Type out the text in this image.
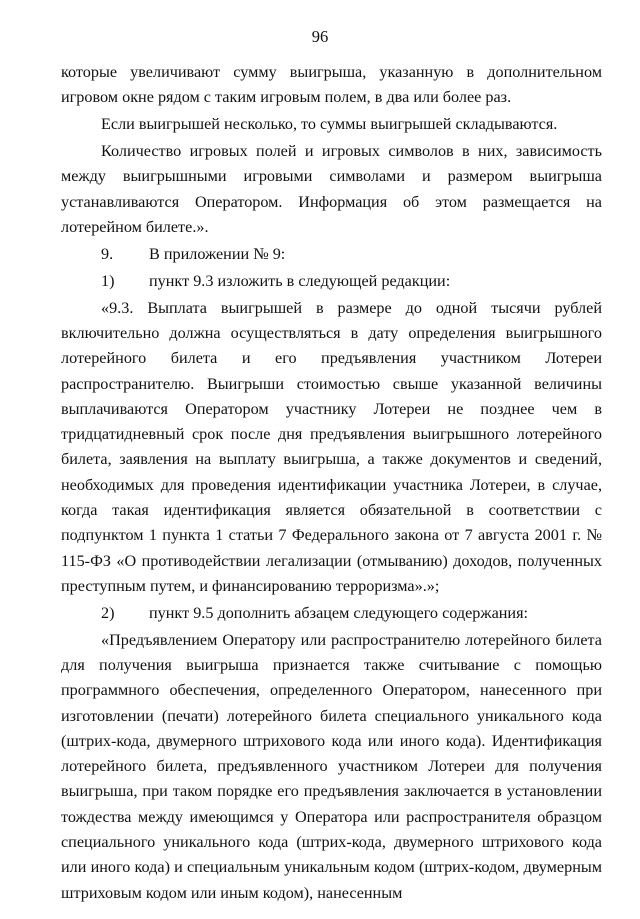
96

которые увеличивают сумму выигрыша, указанную в дополнительном игровом окне рядом с таким игровым полем, в два или более раз.

Если выигрышей несколько, то суммы выигрышей складываются.

Количество игровых полей и игровых символов в них, зависимость между выигрышными игровыми символами и размером выигрыша устанавливаются Оператором. Информация об этом размещается на лотерейном билете.».

9. В приложении № 9:

1) пункт 9.3 изложить в следующей редакции:

«9.3. Выплата выигрышей в размере до одной тысячи рублей включительно должна осуществляться в дату определения выигрышного лотерейного билета и его предъявления участником Лотереи распространителю. Выигрыши стоимостью свыше указанной величины выплачиваются Оператором участнику Лотереи не позднее чем в тридцатидневный срок после дня предъявления выигрышного лотерейного билета, заявления на выплату выигрыша, а также документов и сведений, необходимых для проведения идентификации участника Лотереи, в случае, когда такая идентификация является обязательной в соответствии с подпунктом 1 пункта 1 статьи 7 Федерального закона от 7 августа 2001 г. № 115-ФЗ «О противодействии легализации (отмыванию) доходов, полученных преступным путем, и финансированию терроризма».»;

2) пункт 9.5 дополнить абзацем следующего содержания:

«Предъявлением Оператору или распространителю лотерейного билета для получения выигрыша признается также считывание с помощью программного обеспечения, определенного Оператором, нанесенного при изготовлении (печати) лотерейного билета специального уникального кода (штрих-кода, двумерного штрихового кода или иного кода). Идентификация лотерейного билета, предъявленного участником Лотереи для получения выигрыша, при таком порядке его предъявления заключается в установлении тождества между имеющимся у Оператора или распространителя образцом специального уникального кода (штрих-кода, двумерного штрихового кода или иного кода) и специальным уникальным кодом (штрих-кодом, двумерным штриховым кодом или иным кодом), нанесенным
